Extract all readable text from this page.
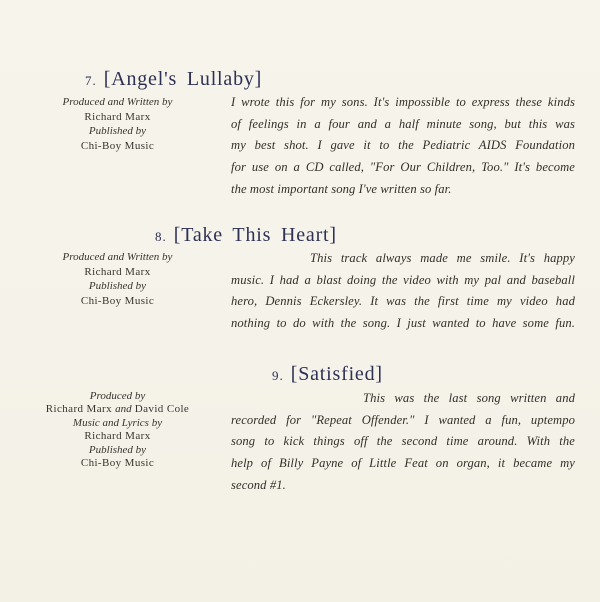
7. [Angel's Lullaby]
Produced and Written by
Richard Marx
Published by
Chi-Boy Music
I wrote this for my sons. It's impossible to express these kinds
of feelings in a four and a half minute song, but this was
my best shot. I gave it to the Pediatric AIDS Foundation
for use on a CD called, "For Our Children, Too." It's become
the most important song I've written so far.
8. [Take This Heart]
Produced and Written by
Richard Marx
Published by
Chi-Boy Music
This track always made me smile. It's happy
music. I had a blast doing the video with my pal and baseball
hero, Dennis Eckersley. It was the first time my video had
nothing to do with the song. I just wanted to have some fun.
9. [Satisfied]
Produced by
Richard Marx and David Cole
Music and Lyrics by
Richard Marx
Published by
Chi-Boy Music
This was the last song written and
recorded for "Repeat Offender." I wanted a fun, uptempo
song to kick things off the second time around. With the
help of Billy Payne of Little Feat on organ, it became my
second #1.
